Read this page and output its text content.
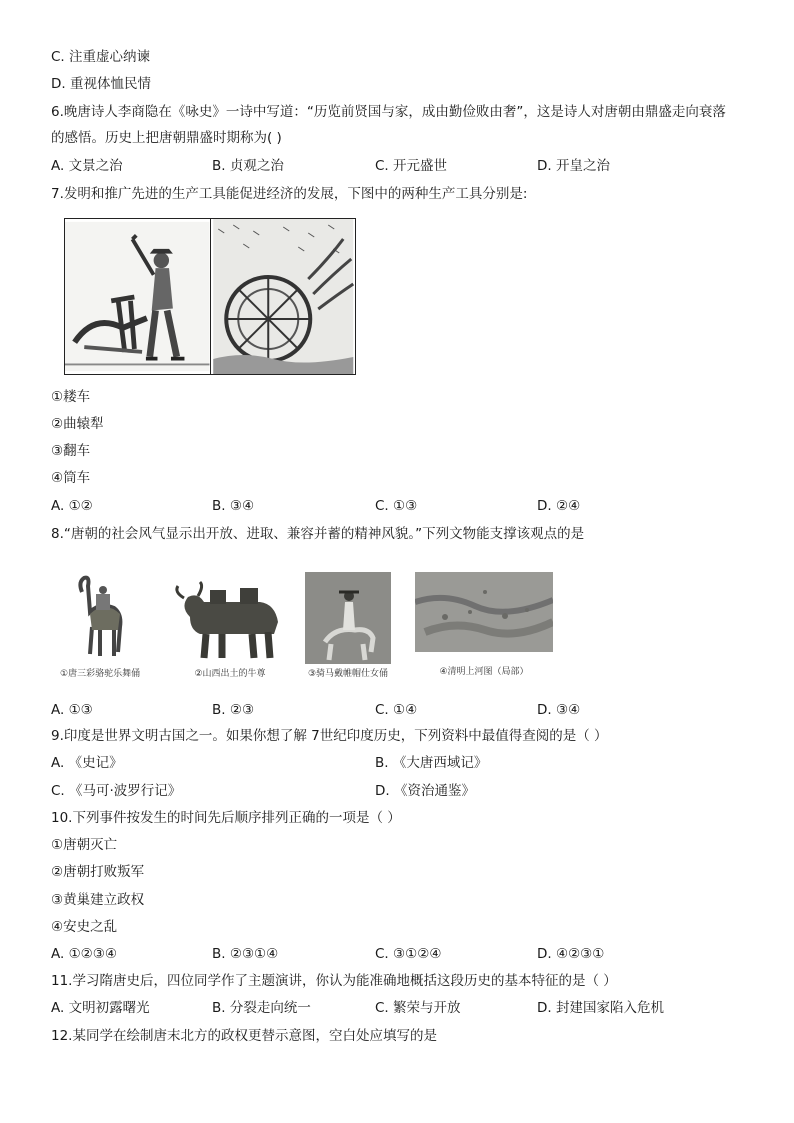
C. 注重虚心纳谏
D. 重视体恤民情
6.晚唐诗人李商隐在《咏史》一诗中写道：“历览前贤国与家，成由勤俭败由奢”，这是诗人对唐朝由鼎盛走向衰落
的感悟。历史上把唐朝鼎盛时期称为( )
A. 文景之治	B. 贞观之治	C. 开元盛世	D. 开皇之治
7.发明和推广先进的生产工具能促进经济的发展，下图中的两种生产工具分别是:
①耧车
②曲辕犁
③翻车
④筒车
A. ①②	B. ③④	C. ①③	D. ②④
8.“唐朝的社会风气显示出开放、进取、兼容并蓄的精神风貌。”下列文物能支撑该观点的是
①唐三彩骆驼乐舞俑	②山西出土的牛尊	③骑马戴帷帽仕女俑	④清明上河图（局部）
A. ①③	B. ②③	C. ①④	D. ③④
9.印度是世界文明古国之一。如果你想了解 7世纪印度历史，下列资料中最值得查阅的是（ ）
A. 《史记》	B. 《大唐西域记》
C. 《马可·波罗行记》	D. 《资治通鉴》
10.下列事件按发生的时间先后顺序排列正确的一项是（ ）
①唐朝灭亡
②唐朝打败叛军
③黄巢建立政权
④安史之乱
A. ①②③④	B. ②③①④	C. ③①②④	D. ④②③①
11.学习隋唐史后，四位同学作了主题演讲，你认为能准确地概括这段历史的基本特征的是（ ）
A. 文明初露曙光	B. 分裂走向统一	C. 繁荣与开放	D. 封建国家陷入危机
12.某同学在绘制唐末北方的政权更替示意图，空白处应填写的是
